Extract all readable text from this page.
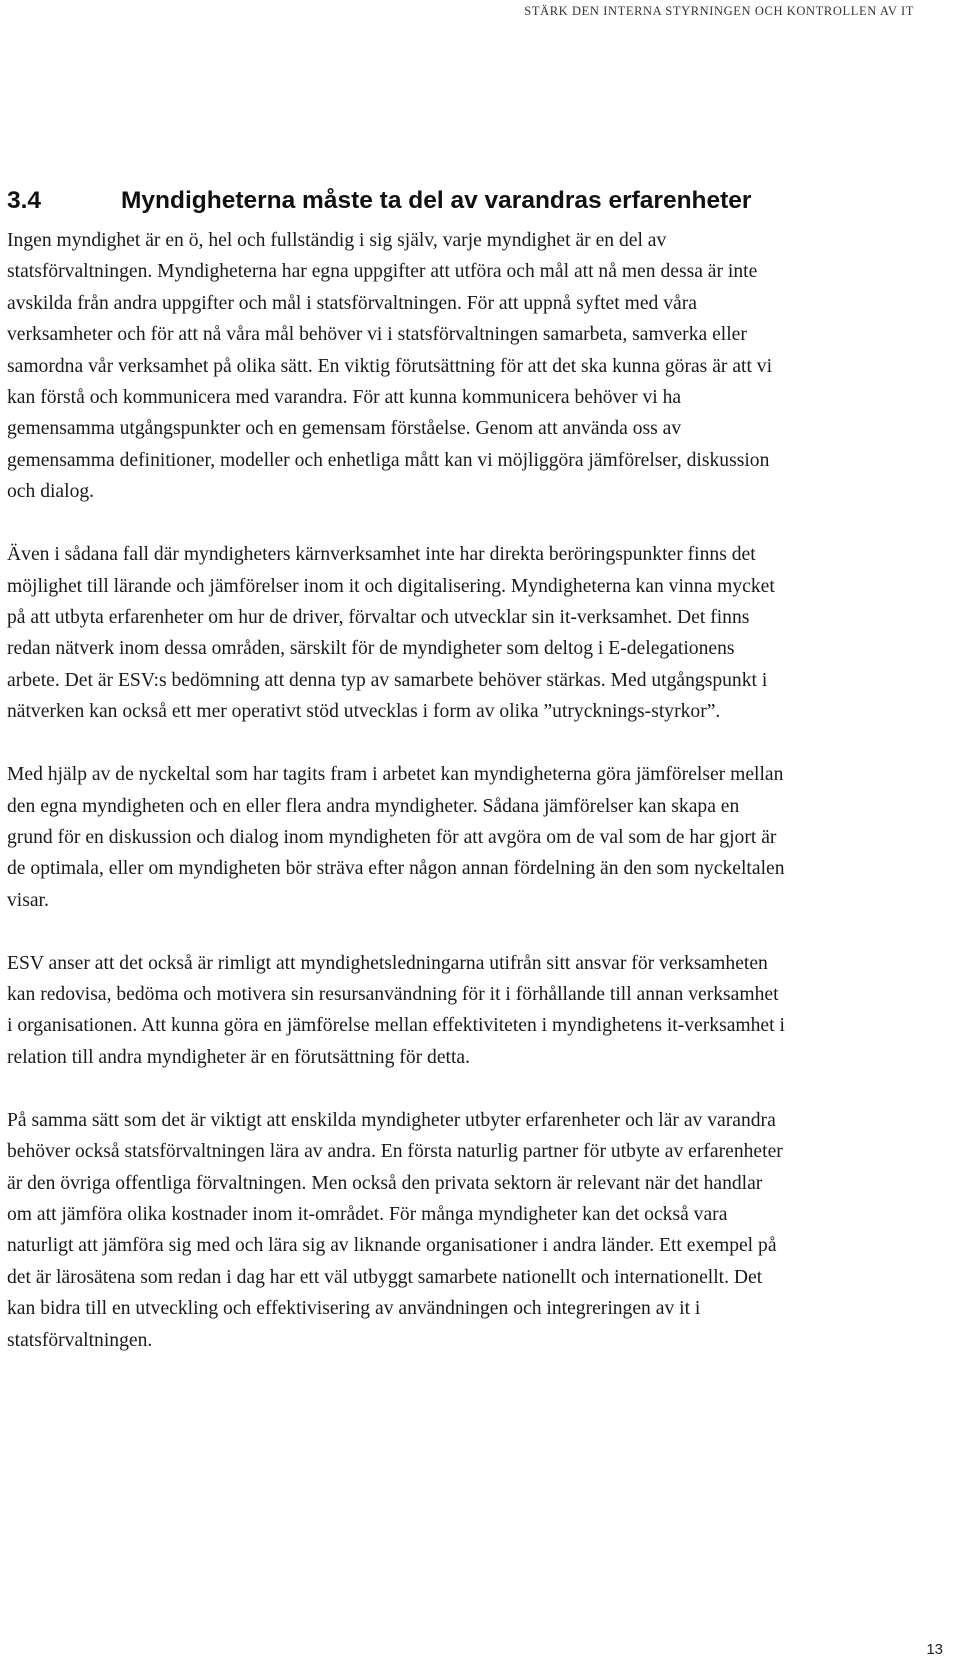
STÄRK DEN INTERNA STYRNINGEN OCH KONTROLLEN AV IT
3.4	Myndigheterna måste ta del av varandras erfarenheter

Ingen myndighet är en ö, hel och fullständig i sig själv, varje myndighet är en del av statsförvaltningen. Myndigheterna har egna uppgifter att utföra och mål att nå men dessa är inte avskilda från andra uppgifter och mål i statsförvaltningen. För att uppnå syftet med våra verksamheter och för att nå våra mål behöver vi i statsförvaltningen samarbeta, samverka eller samordna vår verksamhet på olika sätt. En viktig förutsättning för att det ska kunna göras är att vi kan förstå och kommunicera med varandra. För att kunna kommunicera behöver vi ha gemensamma utgångspunkter och en gemensam förståelse. Genom att använda oss av gemensamma definitioner, modeller och enhetliga mått kan vi möjliggöra jämförelser, diskussion och dialog.

Även i sådana fall där myndigheters kärnverksamhet inte har direkta beröringspunkter finns det möjlighet till lärande och jämförelser inom it och digitalisering. Myndigheterna kan vinna mycket på att utbyta erfarenheter om hur de driver, förvaltar och utvecklar sin it-verksamhet. Det finns redan nätverk inom dessa områden, särskilt för de myndigheter som deltog i E-delegationens arbete. Det är ESV:s bedömning att denna typ av samarbete behöver stärkas. Med utgångspunkt i nätverken kan också ett mer operativt stöd utvecklas i form av olika ”utrycknings-styrkor”.

Med hjälp av de nyckeltal som har tagits fram i arbetet kan myndigheterna göra jämförelser mellan den egna myndigheten och en eller flera andra myndigheter. Sådana jämförelser kan skapa en grund för en diskussion och dialog inom myndigheten för att avgöra om de val som de har gjort är de optimala, eller om myndigheten bör sträva efter någon annan fördelning än den som nyckeltalen visar.

ESV anser att det också är rimligt att myndighetsledningarna utifrån sitt ansvar för verksamheten kan redovisa, bedöma och motivera sin resursanvändning för it i förhållande till annan verksamhet i organisationen. Att kunna göra en jämförelse mellan effektiviteten i myndighetens it-verksamhet i relation till andra myndigheter är en förutsättning för detta.

På samma sätt som det är viktigt att enskilda myndigheter utbyter erfarenheter och lär av varandra behöver också statsförvaltningen lära av andra. En första naturlig partner för utbyte av erfarenheter är den övriga offentliga förvaltningen. Men också den privata sektorn är relevant när det handlar om att jämföra olika kostnader inom it-området. För många myndigheter kan det också vara naturligt att jämföra sig med och lära sig av liknande organisationer i andra länder. Ett exempel på det är lärosätena som redan i dag har ett väl utbyggt samarbete nationellt och internationellt. Det kan bidra till en utveckling och effektivisering av användningen och integreringen av it i statsförvaltningen.

13
